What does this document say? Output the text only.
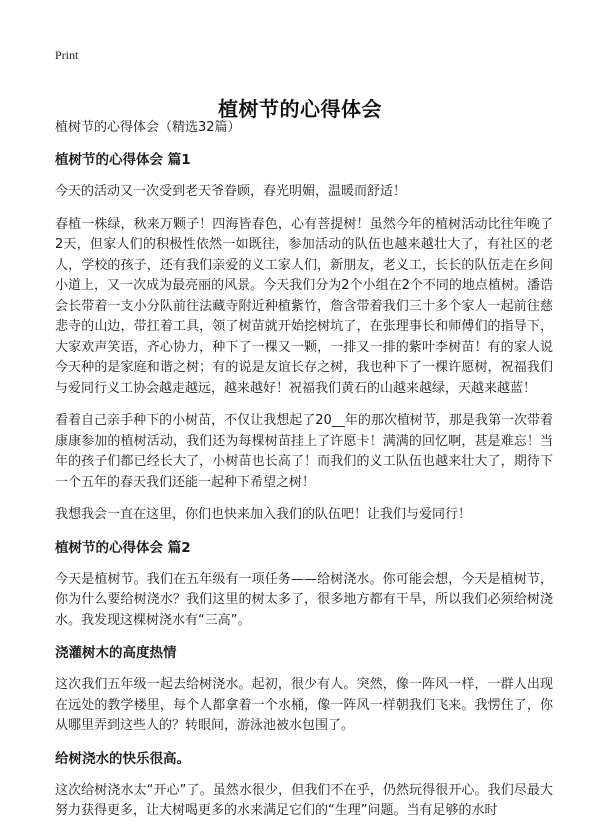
Print
植树节的心得体会

植树节的心得体会（精选32篇）

植树节的心得体会 篇1

今天的活动又一次受到老天爷眷顾，春光明媚，温暖而舒适！

春植一株绿，秋来万颗子！四海皆春色，心有菩提树！虽然今年的植树活动比往年晚了2天，但家人们的积极性依然一如既往，参加活动的队伍也越来越壮大了，有社区的老人，学校的孩子，还有我们亲爱的义工家人们，新朋友，老义工，长长的队伍走在乡间小道上，又一次成为最亮丽的风景。今天我们分为2个小组在2个不同的地点植树。潘诰会长带着一支小分队前往法藏寺附近种植紫竹，詹含带着我们三十多个家人一起前往慈悲寺的山边，带扛着工具，领了树苗就开始挖树坑了，在张理事长和师傅们的指导下，大家欢声笑语，齐心协力，种下了一棵又一颗，一排又一排的紫叶李树苗！有的家人说今天种的是家庭和谐之树；有的说是友谊长存之树，我也种下了一棵许愿树，祝福我们与爱同行义工协会越走越远，越来越好！祝福我们黄石的山越来越绿，天越来越蓝！

看着自己亲手种下的小树苗，不仅让我想起了20__年的那次植树节，那是我第一次带着康康参加的植树活动，我们还为每棵树苗挂上了许愿卡！满满的回忆啊，甚是难忘！当年的孩子们都已经长大了，小树苗也长高了！而我们的义工队伍也越来壮大了，期待下一个五年的春天我们还能一起种下希望之树！

我想我会一直在这里，你们也快来加入我们的队伍吧！让我们与爱同行！

植树节的心得体会 篇2

今天是植树节。我们在五年级有一项任务——给树浇水。你可能会想，今天是植树节，你为什么要给树浇水？我们这里的树太多了，很多地方都有干旱，所以我们必须给树浇水。我发现这棵树浇水有“三高”。

浇灌树木的高度热情

这次我们五年级一起去给树浇水。起初，很少有人。突然，像一阵风一样，一群人出现在远处的教学楼里，每个人都拿着一个水桶，像一阵风一样朝我们飞来。我愣住了，你从哪里弄到这些人的？转眼间，游泳池被水包围了。

给树浇水的快乐很高。

这次给树浇水太“开心”了。虽然水很少，但我们不在乎，仍然玩得很开心。我们尽最大努力获得更多，让大树喝更多的水来满足它们的“生理”问题。当有足够的水时
